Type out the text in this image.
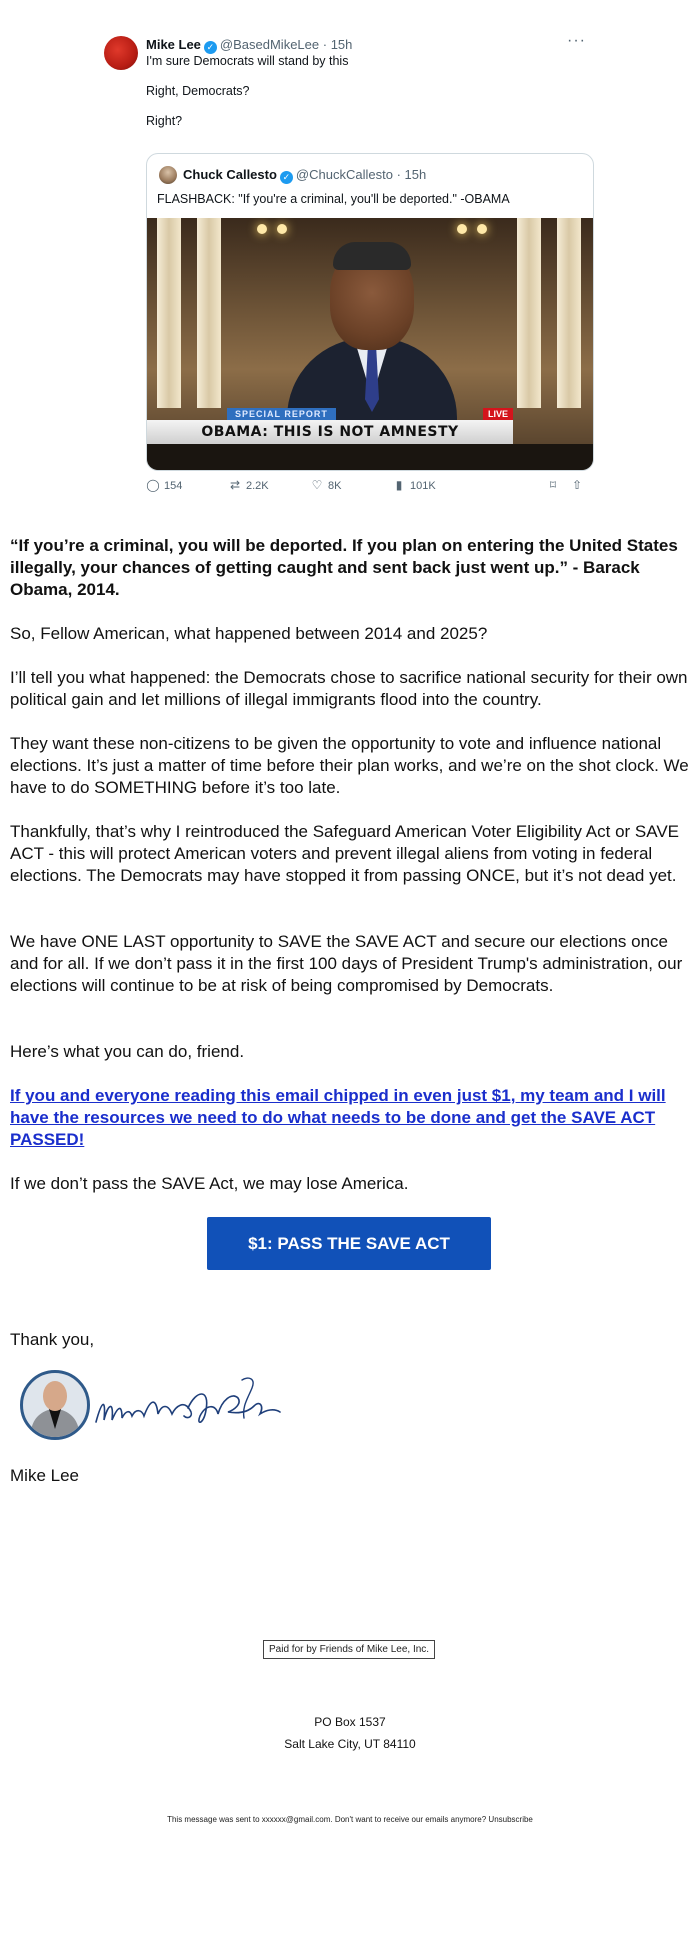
Mike Lee ✓ @BasedMikeLee · 15h	···
I'm sure Democrats will stand by this
Right, Democrats?
Right?
Chuck Callesto ✓ @ChuckCallesto · 15h
FLASHBACK: "If you're a criminal, you'll be deported." -OBAMA
SPECIAL REPORT	LIVE
OBAMA: THIS IS NOT AMNESTY
◯ 154	⇄ 2.2K	♡ 8K	▮ 101K	⌑	⇧
“If you’re a criminal, you will be deported. If you plan on entering the United States illegally, your chances of getting caught and sent back just went up.” - Barack Obama, 2014.
So, Fellow American, what happened between 2014 and 2025?
I’ll tell you what happened: the Democrats chose to sacrifice national security for their own political gain and let millions of illegal immigrants flood into the country.
They want these non-citizens to be given the opportunity to vote and influence national elections. It’s just a matter of time before their plan works, and we’re on the shot clock. We have to do SOMETHING before it’s too late.
Thankfully, that’s why I reintroduced the Safeguard American Voter Eligibility Act or SAVE ACT - this will protect American voters and prevent illegal aliens from voting in federal elections. The Democrats may have stopped it from passing ONCE, but it’s not dead yet.
We have ONE LAST opportunity to SAVE the SAVE ACT and secure our elections once and for all. If we don’t pass it in the first 100 days of President Trump's administration, our elections will continue to be at risk of being compromised by Democrats.
Here’s what you can do, friend.
If you and everyone reading this email chipped in even just $1, my team and I will have the resources we need to do what needs to be done and get the SAVE ACT PASSED!
If we don’t pass the SAVE Act, we may lose America.
$1: PASS THE SAVE ACT
Thank you,
Mike Lee
Paid for by Friends of Mike Lee, Inc.
PO Box 1537
Salt Lake City, UT 84110
This message was sent to xxxxxx@gmail.com. Don't want to receive our emails anymore? Unsubscribe
